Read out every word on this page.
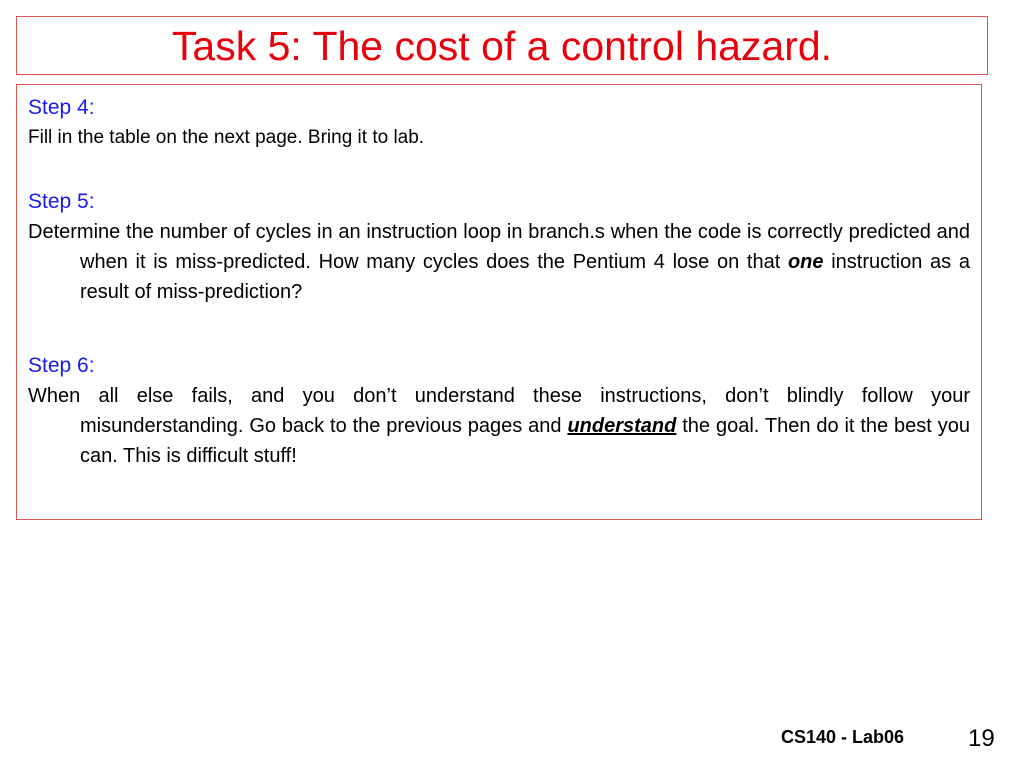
Task 5: The cost of a control hazard.

Step 4:

Fill in the table on the next page. Bring it to lab.

Step 5:

Determine the number of cycles in an instruction loop in branch.s when the code is correctly predicted and when it is miss-predicted. How many cycles does the Pentium 4 lose on that one instruction as a result of miss-prediction?

Step 6:

When all else fails, and you don’t understand these instructions, don’t blindly follow your misunderstanding. Go back to the previous pages and understand the goal. Then do it the best you can. This is difficult stuff!

CS140 - Lab06	19
